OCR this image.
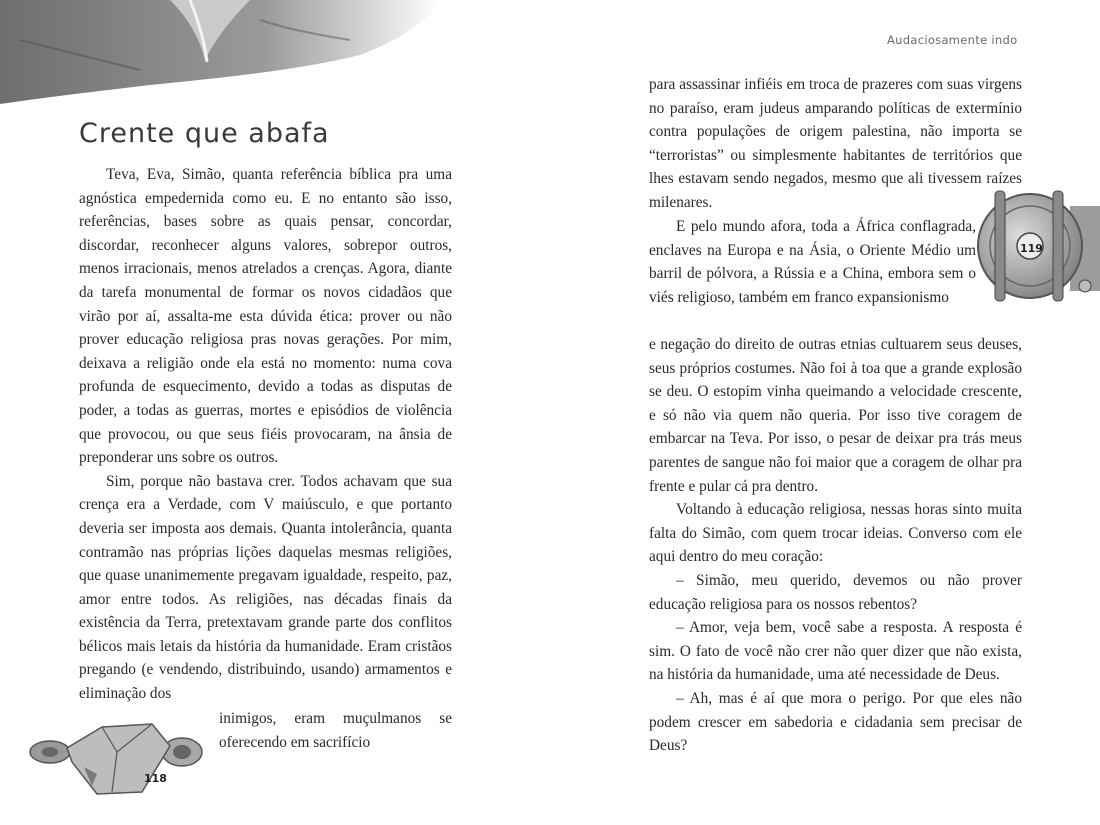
Crente que abafa

Teva, Eva, Simão, quanta referência bíblica pra uma agnóstica empedernida como eu. E no entanto são isso, referências, bases sobre as quais pensar, concordar, discordar, reconhecer alguns valores, sobrepor outros, menos irracionais, menos atrelados a crenças. Agora, diante da tarefa monumental de formar os novos cidadãos que virão por aí, assalta-me esta dúvida ética: prover ou não prover educação religiosa pras novas gerações. Por mim, deixava a religião onde ela está no momento: numa cova profunda de esquecimento, devido a todas as disputas de poder, a todas as guerras, mortes e episódios de violência que provocou, ou que seus fiéis provocaram, na ânsia de preponderar uns sobre os outros.

Sim, porque não bastava crer. Todos achavam que sua crença era a Verdade, com V maiúsculo, e que portanto deveria ser imposta aos demais. Quanta intolerância, quanta contramão nas próprias lições daquelas mesmas religiões, que quase unanimemente pregavam igualdade, respeito, paz, amor entre todos. As religiões, nas décadas finais da existência da Terra, pretextavam grande parte dos conflitos bélicos mais letais da história da humanidade. Eram cristãos pregando (e vendendo, distribuindo, usando) armamentos e eliminação dos

inimigos, eram muçulmanos se oferecendo em sacrifício

118
Audaciosamente indo

para assassinar infiéis em troca de prazeres com suas virgens no paraíso, eram judeus amparando políticas de extermínio contra populações de origem palestina, não importa se “terroristas” ou simplesmente habitantes de territórios que lhes estavam sendo negados, mesmo que ali tivessem raízes milenares.

E pelo mundo afora, toda a África conflagrada, enclaves na Europa e na Ásia, o Oriente Médio um barril de pólvora, a Rússia e a China, embora sem o viés religioso, também em franco expansionismo

e negação do direito de outras etnias cultuarem seus deuses, seus próprios costumes. Não foi à toa que a grande explosão se deu. O estopim vinha queimando a velocidade crescente, e só não via quem não queria. Por isso tive coragem de embarcar na Teva. Por isso, o pesar de deixar pra trás meus parentes de sangue não foi maior que a coragem de olhar pra frente e pular cá pra dentro.

Voltando à educação religiosa, nessas horas sinto muita falta do Simão, com quem trocar ideias. Converso com ele aqui dentro do meu coração:

– Simão, meu querido, devemos ou não prover educação religiosa para os nossos rebentos?

– Amor, veja bem, você sabe a resposta. A resposta é sim. O fato de você não crer não quer dizer que não exista, na história da humanidade, uma até necessidade de Deus.

– Ah, mas é aí que mora o perigo. Por que eles não podem crescer em sabedoria e cidadania sem precisar de Deus?

119
